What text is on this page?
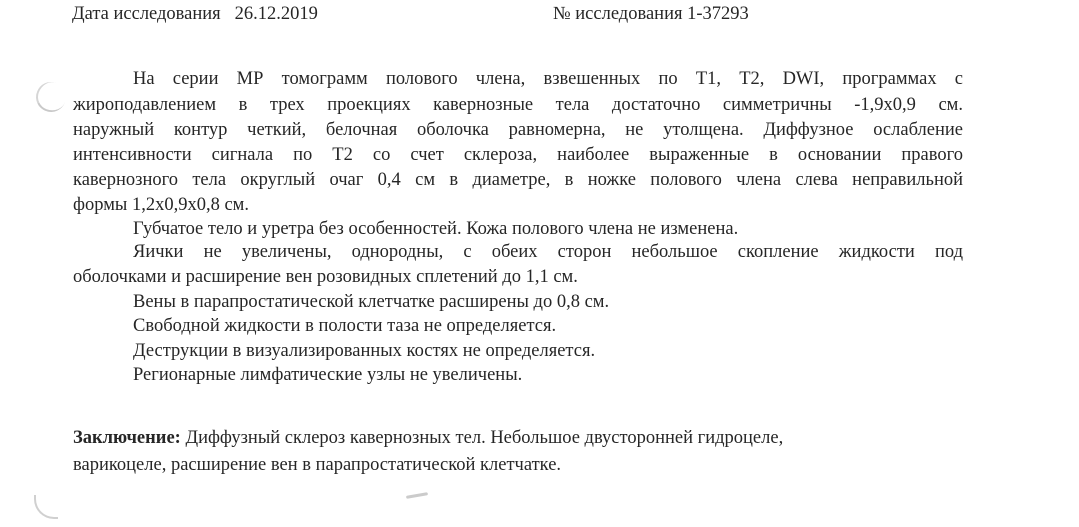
Дата исследования   26.12.2019	№ исследования 1-37293
На серии МР томограмм полового члена, взвешенных по Т1, Т2, DWI, программах с
жироподавлением в трех проекциях кавернозные тела достаточно симметричны -1,9х0,9 см.
наружный контур четкий, белочная оболочка равномерна, не утолщена. Диффузное ослабление
интенсивности сигнала по Т2 со счет склероза, наиболее выраженные в основании правого
кавернозного тела округлый очаг 0,4 см в диаметре, в ножке полового члена слева неправильной
формы 1,2х0,9х0,8 см.
Губчатое тело и уретра без особенностей. Кожа полового члена не изменена.
Яички не увеличены, однородны, с обеих сторон небольшое скопление жидкости под
оболочками и расширение вен розовидных сплетений до 1,1 см.
Вены в парапростатической клетчатке расширены до 0,8 см.
Свободной жидкости в полости таза не определяется.
Деструкции в визуализированных костях не определяется.
Регионарные лимфатические узлы не увеличены.
Заключение: Диффузный склероз кавернозных тел. Небольшое двусторонней гидроцеле,
варикоцеле, расширение вен в парапростатической клетчатке.
